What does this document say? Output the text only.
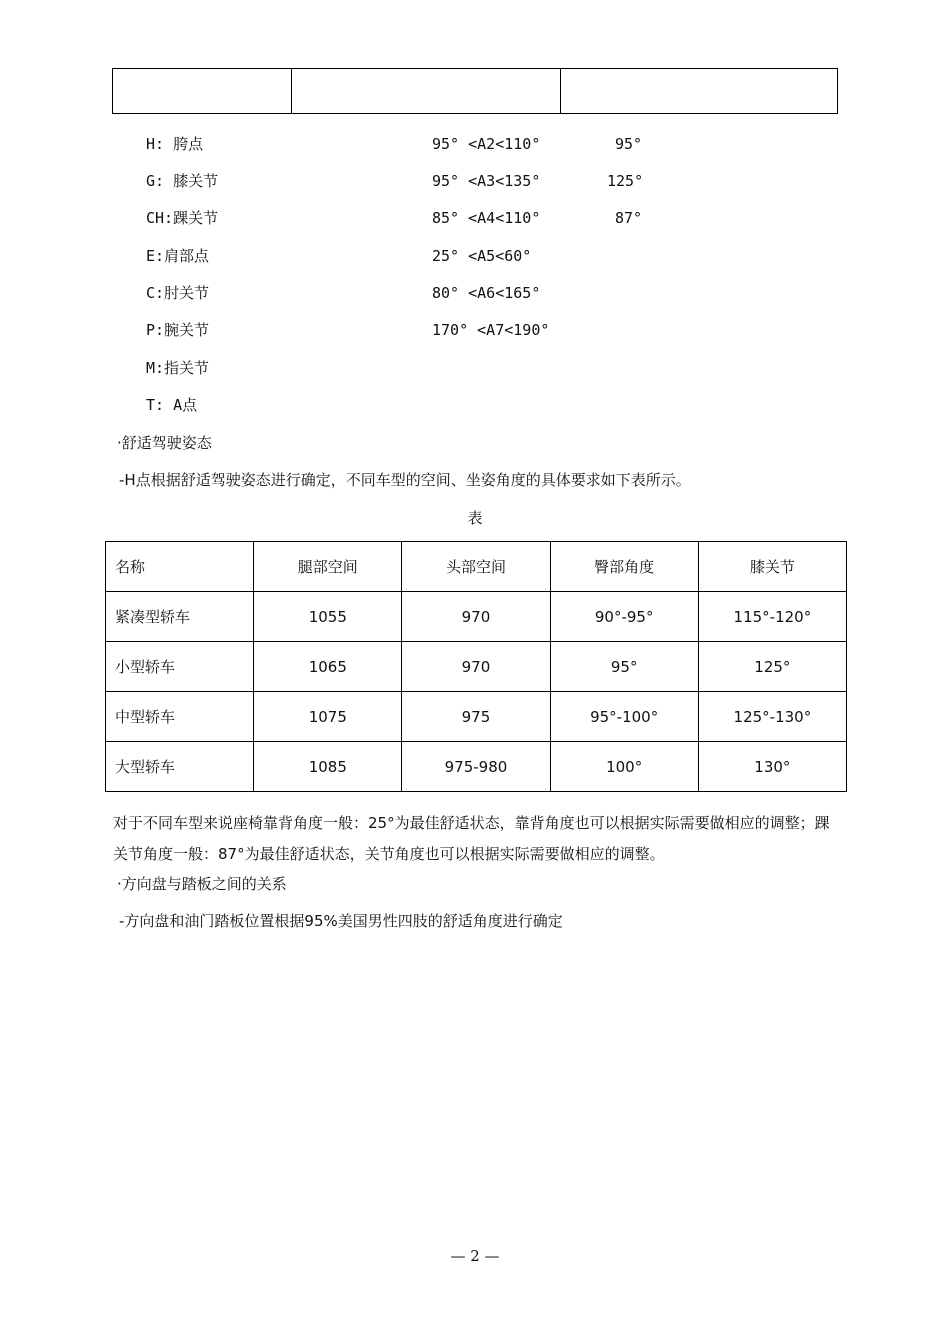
H: 胯点	95° <A2<110°	95°
G: 膝关节	95° <A3<135°	125°
CH:踝关节	85° <A4<110°	87°
E:肩部点	25° <A5<60°
C:肘关节	80° <A6<165°
P:腕关节	170° <A7<190°
M:指关节
T: A点
·舒适驾驶姿态
-H点根据舒适驾驶姿态进行确定，不同车型的空间、坐姿角度的具体要求如下表所示。
表
名称	腿部空间	头部空间	臀部角度	膝关节
紧凑型轿车	1055	970	90°-95°	115°-120°
小型轿车	1065	970	95°	125°
中型轿车	1075	975	95°-100°	125°-130°
大型轿车	1085	975-980	100°	130°
对于不同车型来说座椅靠背角度一般：25°为最佳舒适状态，靠背角度也可以根据实际需要做相应的调整；踝关节角度一般：87°为最佳舒适状态，关节角度也可以根据实际需要做相应的调整。
·方向盘与踏板之间的关系
-方向盘和油门踏板位置根据95%美国男性四肢的舒适角度进行确定
— 2 —
